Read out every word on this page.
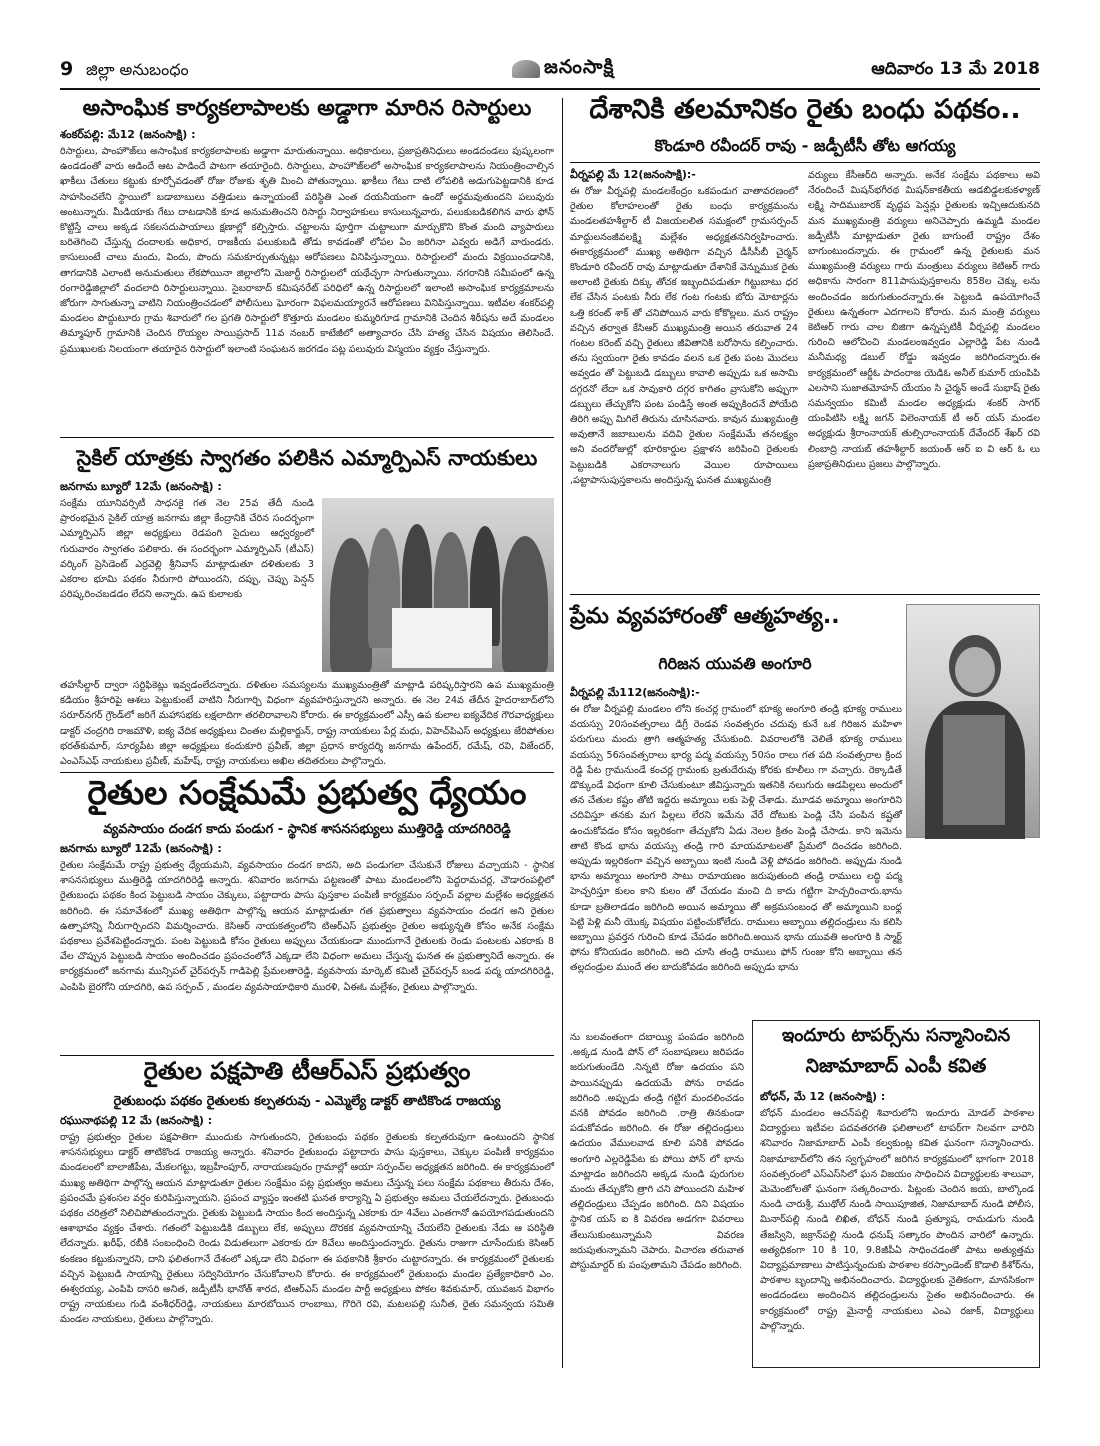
9 జిల్లా అనుబంధం	జనంసాక్షి	ఆదివారం 13 మే 2018
అసాంఘిక కార్యకలాపాలకు అడ్డాగా మారిన రిసార్టులు
శంకర్‌పల్లి: మే12 (జనంసాక్షి) :
రిసార్టులు, పాంహౌజ్‌లు అసాంఘిక కార్యకలాపాలకు అడ్డాగా మారుతున్నాయి. అధికారులు, ప్రజాప్రతినిధులు అండదండలు పుష్కలంగా ఉండడంతో వారు ఆడిందే ఆట పాడిందే పాటగా తయారైంది. రిసార్టులు, పాంహౌజ్‌లలో అసాంఘిక కార్యకలాపాలను నియంత్రించాల్సిన ఖాకీలు చేతులు కట్టుకు కూర్చోవడంతో రోజు రోజుకు శృతి మించి పోతున్నాయి. ఖాకీలు గేటు దాటి లోపలికి అడుగుపెట్టడానికి కూడ సాహసించలేని స్థాయిలో బడాబాబులు వత్తిడులు ఉన్నాయంటే పరిస్థితి ఎంత దయనీయంగా ఉందో అర్థమవుతుందని పలువురు అంటున్నారు. మీడియాకు గేటు దాటడానికి కూడ అనుమతించని రిసార్టు నిర్వాహకులు కాసులున్నవారు, పలుకుబడికలిగిన వారు ఫోన్ కొట్టిస్తే చాలు అక్కడ సకలసదుపాయాలు క్షణాల్లో కల్పిస్తారు. చట్టాలను పూర్తిగా చుట్టాలుగా మార్చుకొని కొంత మంది వ్యాపారులు బరితెగించి చేస్తున్న దందాలకు అధికార, రాజకీయ పలుకుబడి తోడు కావడంతో లోపల ఏం జరిగినా ఎవ్వరు అడిగే వారుండరు. కాసులుంటే చాలు మందు, విందు, పొందు సమకూర్చుతున్నట్లు ఆరోపణలు వినిపిస్తున్నాయి. రిసార్టులలో మందు విక్రయించడానికి, తాగడానికి ఎలాంటి అనుమతులు లేకపోయినా జిల్లాలోని మెజార్టీ రిసార్టులలో యథేచ్ఛగా సాగుతున్నాయి. నగరానికి సమీపంలో ఉన్న రంగారెడ్డిజిల్లాలో వందలాది రిసార్టులున్నాయి. సైబరాబాద్ కమిషనరేట్ పరిధిలో ఉన్న రిసార్టులలో ఇలాంటి అసాంఘిక కార్యక్రమాలను జోరుగా సాగుతున్నా వాటిని నియంత్రించడంలో పోలీసులు ఘోరంగా విఫలమయ్యారనే ఆరోపణలు వినిపిస్తున్నాయి. ఇటీవల శంకర్‌పల్లి మండలం పొద్దుటూరు గ్రామ శివారులో గల ప్రగతి రిసార్టులో కొత్తూరు మండలం కుమ్మరిగూడ గ్రామానికి చెందిన శిరీషను అదే మండలం తిమ్మాపూర్ గ్రామానికి చెందిన రొయ్యల సాయిప్రసాద్ 11వ నంబర్ కాటేజీలో అత్యాచారం చేసి హత్య చేసిన విషయం తెలిసిందే. ప్రముఖులకు నిలయంగా తయారైన రిసార్టులో ఇలాంటి సంఘటన జరగడం పట్ల పలువురు విస్మయం వ్యక్తం చేస్తున్నారు.
సైకిల్ యాత్రకు స్వాగతం పలికిన ఎమ్మార్పిఎస్ నాయకులు
జనగామ బ్యూరో 12మే (జనంసాక్షి) :
సంక్షేమ యూనివర్సిటీ సాధనకై గత నెల 25వ తేదీ నుండి ప్రారంభమైన సైకిల్ యాత్ర జనగామ జిల్లా కేంద్రానికి చేరిన సందర్భంగా ఎమ్మార్పిఎస్ జిల్లా అధ్యక్షులు రెడపంగి సైదులు ఆధ్వర్యంలో గురువారం స్వాగతం పలికారు. ఈ సందర్భంగా ఎమ్మార్పిఎస్ (టీఎస్) వర్కింగ్ ప్రెసిడెంట్ ఎర్రవెల్లి శ్రీనివాస్ మాట్లాడుతూ దళితులకు 3 ఎకరాల భూమి పథకం నీరుగారి పోయిందని, దప్పు, చెప్పు పెన్షన్ పరిష్కరించబడడం లేదని అన్నారు. ఉప కులాలకు
తహసీల్దార్ ద్వారా సర్టిఫికెట్లు ఇవ్వడంలేదన్నారు. దళితుల సమస్యలను ముఖ్యమంత్రితో మాట్లాడి పరిష్కరిస్తారని ఉప ముఖ్యమంత్రి కడియం శ్రీహరిపై ఆశలు పెట్టుకుంటే వాటిని నీరుగార్చి విధంగా వ్యవహరిస్తున్నారని అన్నారు. ఈ నెల 24వ తేదీన హైదరాబాద్‌లోని సరూర్‌నగర్ గ్రౌండ్‌లో జరిగే మహాసభకు లక్షలాదిగా తరలిరావాలని కోరారు. ఈ కార్యక్రమంలో ఎస్సీ ఉప కులాల ఐక్యవేదిక గౌరవాధ్యక్షులు డాక్టర్ చంద్రగిరి రాజమౌళి, ఐక్య వేదిక అధ్యక్షులు చింతల మల్లికార్జున్, రాష్ట్ర నాయకులు పేర్ల మధు, విహెచ్‌పిఎస్ అధ్యక్షులు జేరిపోతుల భరత్‌కుమార్, సూర్యపేట జిల్లా అధ్యక్షులు కందుకూరి ప్రవీణ్, జిల్లా ప్రధాన కార్యదర్శి జనగామ ఉపేందర్, రమేష్, రవి, విజేందర్, ఎంఎస్‌ఎఫ్ నాయకులు ప్రవీణ్, మహేష్, రాష్ట్ర నాయకులు అఖిల తదితరులు పాల్గొన్నారు.
రైతుల సంక్షేమమే ప్రభుత్వ ధ్యేయం
వ్యవసాయం దండగ కాదు పండుగ - స్థానిక శాసనసభ్యులు ముత్తిరెడ్డి యాదగిరిరెడ్డి
జనగామ బ్యూరో 12మే (జనంసాక్షి) :
రైతుల సంక్షేమమే రాష్ట్ర ప్రభుత్వ ధ్యేయమని, వ్యవసాయం దండగ కాదని, అది పండుగలా చేసుకునే రోజులు వచ్చాయని - స్థానిక శాసనసభ్యులు ముత్తిరెడ్డి యాదగిరిరెడ్డి అన్నారు. శనివారం జనగామ పట్టణంతో పాటు మండలంలోని పెద్దరామచర్ల, చౌడారంపల్లిలో రైతుబంధు పథకం కింద పెట్టుబడి సాయం చెక్కులు, పట్టాదారు పాసు పుస్తకాల పంపిణీ కార్యక్రమం సర్పంచ్ వల్లాల మల్లేశం అధ్యక్షతన జరిగింది. ఈ సమావేశంలో ముఖ్య అతిథిగా పాల్గొన్న ఆయన మాట్లాడుతూ గత ప్రభుత్వాలు వ్యవసాయం దండగ అని రైతుల ఉత్సాహాన్ని నీరుగార్చిందని విమర్శించారు. కెసిఆర్ నాయకత్వంలోని టిఆర్ఎస్ ప్రభుత్వం రైతుల అభ్యున్నతి కోసం అనేక సంక్షేమ పథకాలు ప్రవేశపెట్టిందన్నారు. పంట పెట్టుబడి కోసం రైతులు అప్పులు చేయకుండా ముందుగానే రైతులకు రెండు పంటలకు ఎకరాకు 8 వేల చొప్పున పెట్టుబడి సాయం అందించడం ప్రపంచంలోనే ఎక్కడా లేని విధంగా అమలు చేస్తున్న ఘనత ఈ ప్రభుత్వానిదే అన్నారు. ఈ కార్యక్రమంలో జనగామ మున్సిపల్ చైర్‌పర్సన్ గాడిపెల్లి ప్రేమలతారెడ్డి, వ్యవసాయ మార్కెట్ కమిటీ చైర్‌పర్సన్ బండ పద్మ యాదగిరిరెడ్డి, ఎంపిపి బైరగోని యాదగిరి, ఉప సర్పంచ్ , మండల వ్యవసాయాధికారి మురళి, ఏఈఓ మల్లేశం, రైతులు పాల్గొన్నారు.
రైతుల పక్షపాతి టీఆర్ఎస్ ప్రభుత్వం
రైతుబంధు పథకం రైతులకు కల్పతరువు - ఎమ్మెల్యే డాక్టర్ తాటికొండ రాజయ్య
రఘునాథపల్లి 12 మే (జనంసాక్షి) :
రాష్ట్ర ప్రభుత్వం రైతుల పక్షపాతిగా ముందుకు సాగుతుందని, రైతుబంధు పథకం రైతులకు కల్పతరువుగా ఉంటుందని స్థానిక శాసనసభ్యులు డాక్టర్ తాటికొండ రాజయ్య అన్నారు. శనివారం రైతుబంధు పట్టాదారు పాసు పుస్తకాలు, చెక్కుల పంపిణీ కార్యక్రమం మండలంలో బాలాజీపేట, మేకలగట్టు, ఇబ్రహీంపూర్, నారాయణపురం గ్రామాల్లో ఆయా సర్పంచ్‌ల అధ్యక్షతన జరిగింది. ఈ కార్యక్రమంలో ముఖ్య అతిథిగా పాల్గొన్న ఆయన మాట్లాడుతూ రైతుల సంక్షేమం పట్ల ప్రభుత్వం అమలు చేస్తున్న పలు సంక్షేమ పథకాలు తీరును దేశం, ప్రపంచమే ప్రశంసల వర్షం కురిపిస్తున్నాయని. ప్రపంచ వ్యాప్తం ఇంతటి ఘనత కార్యాన్ని ఏ ప్రభుత్వం అమలు చేయలేదన్నారు. రైతుబంధు పథకం చరిత్రలో నిలిచిపోతుందన్నారు. రైతుకు పెట్టుబడి సాయం కింద అందిస్తున్న ఎకరాకు రూ 4వేలు ఎంతగానో ఉపయోగపడుతుందని ఆశాభావం వ్యక్తం చేశారు. గతంలో పెట్టుబడికి డబ్బులు లేక, అప్పులు దొరకక వ్యవసాయాన్ని చేయలేని రైతులకు నేడు ఆ పరిస్థితి లేదన్నారు. ఖరీఫ్, రబీకి సంబంధించి రెండు విడుతలుగా ఎకరాకు రూ 8వేలు అందిస్తుందన్నారు. రైతును రాజుగా చూసేందుకు కెసిఆర్ కంకణం కట్టుకున్నారని, దాని ఫలితంగానే దేశంలో ఎక్కడా లేని విధంగా ఈ పథకానికి శ్రీకారం చుట్టారన్నారు. ఈ కార్యక్రమంలో రైతులకు వచ్చిన పెట్టుబడి సాయాన్ని రైతులు సద్వినియోగం చేసుకోవాలని కోరారు. ఈ కార్యక్రమంలో రైతుబంధు మండల ప్రత్యేకాధికారి ఎం. ఈశ్వరయ్య, ఎంపిపి దాసరి అనిత, జడ్పీటీసీ భానోత్ శారద, టిఆర్ఎస్ మండల పార్టీ అధ్యక్షులు పోకల శివకుమార్, యువజన విభాగం రాష్ట్ర నాయకులు గుడి వంశీధర్‌రెడ్డి, నాయకులు మారబోయిన రాంబాబు, గొరిగె రవి, మటలపల్లి సునీత, రైతు సమన్వయ సమితి మండల నాయకులు, రైతులు పాల్గొన్నారు.
దేశానికి తలమానికం రైతు బంధు పథకం..
కొండూరి రవీందర్ రావు - జడ్పీటీసీ తోట ఆగయ్య
వీర్నపల్లి మే 12(జనంసాక్షి):-
ఈ రోజు వీర్నపల్లి మండలకేంద్రం ఒకపండుగ వాతావరణంలో రైతుల కోలాహలంతో రైతు బంధు కార్యక్రమంను మండలతహశీల్దార్ టీ విజయలలిత సమక్షంలో గ్రామసర్పంచ్ మాద్దులనంజీవలక్ష్మి మల్లేశం అధ్యక్షతననిర్వహించారు. ఈకార్యక్రమంలో ముఖ్య అతిథిగా వచ్చిన డీసీసీబీ చైర్మన్ కొండూరి రవీందర్ రావు మాట్లాడుతూ దేశానికే వెన్నుముక రైతు అలాంటి రైతుకు దిక్కు తోచక ఇబ్బందిపడుతూ గిట్టుబాటు ధర లేక చేసిన పంటకు నీరు లేక గంట గంటకు బోరు మోటార్లను ఒత్తి కరంట్ శాక్ తో చనిపోయిన వారు కోకొల్లలు. మన రాష్ట్రం వచ్చిన తర్వాత కేసిఆర్ ముఖ్యమంత్రి అయిన తరువాత 24 గంటల కరెంట్ వచ్చి రైతులు జీవితానికి బరోసాను కల్పించారు. తను స్వయంగా రైతు కావడం వలన ఒక రైతు పంట మొదలు అవ్వడం తో పెట్టుబడి డబ్బులు కావాలి అప్పుడు ఒక అసామి దగ్గరనో లేదా ఒక సావుకారి దగ్గర కాగితం వ్రాసుకోని అప్పుగా డబ్బులు తేచ్చుకోని పంట పండిస్తే అంత అప్పుకిందనే పోయేది తిరిగి అప్పు మిగిలే తిరును చూసినవారు. కావున ముఖ్యమంత్రి అవుతానే జబాబులను వదివి రైతుల సంక్షేమమే తనలక్ష్యం అని వందరోజుల్లో భూరికార్డుల ప్రక్షాళన జరిపించి రైతులకు పెట్టుబడికి ఎకరానాలుగు వెయిల రూపాయిలు ,పట్టాపాసుపుస్తకాలను అందిస్తున్న ఘనత ముఖ్యమంత్రి
వర్యులు కేసీఆర్‌ది అన్నారు. అనేక సంక్షేమ పథకాలు అవి నేరందించే మిషన్‌భగీరథ మిషన్‌కాకతీయ ఆడబిడ్డలకుకళ్యాణ్ లక్ష్మి సాదిముబారక్ వృద్ధప పెన్షన్లు రైతులకు ఇచ్చిఆదుకునది మన ముఖ్యమంత్రి వర్యులు అనిచెప్పారు ఉమ్మడి మండల జడ్పీటీసీ మాట్లాడుతూ రైతు బాగుంటే రాష్ట్రం దేశం బాగుంటుందన్నారు. ఈ గ్రామంలో ఉన్న రైతులకు మన ముఖ్యమంత్రి వర్యులు గారు మంత్రులు వర్యులు కెటిఆర్ గారు అధికాను సారంగా 811పాసుపుస్తకాలను 858ల చెక్కు లను అందించడం జరుగుతుందన్నారు.ఈ పెట్టబడి ఉపయోగించే రైతులు ఉన్నతంగా ఎదగాలని కోరారు. మన మంత్రి వర్యులు కెటిఆర్ గారు చాల బిజిగా ఉన్నప్పటికీ వీర్నపల్లి మండలం గురించి ఆలోచించి మండలంఇవ్వడం ఎల్లారెడ్డి పేట నుండి మనీమధ్య డబుల్ రోడ్డు ఇవ్వడం జరిగిందన్నారు.ఈ కార్యక్రమంలో ఆర్డీఓ పాదంరాజ యెడిఓ అనీల్ కుమార్ యంపిపి ఎలసాని సుజాతమోహన్ యేయం సి చైర్మన్ అండే సుభాష్ రైతు సమన్వయం కమిటీ మండల అధ్యక్షుడు శంకర్ సాగర్ యంపిటిసి లక్ష్మి జగన్ విలెంనాయక్ టీ అర్ యస్ మండల అధ్యక్షుడు శ్రీరాంనాయక్ తుల్సిరాంనాయక్ దేవేందర్ శేఖర్ రవి లింబాద్రి నాయబ్ తహశీల్దార్ జయంత్ ఆర్ ఐ వి ఆర్ ఓ లు ప్రజాప్రతినిధులు ప్రజలు పాల్గొన్నారు.
ప్రేమ వ్యవహారంతో ఆత్మహత్య..
గిరిజన యువతి అంగూరి
వీర్నపల్లి మే112(జనంసాక్షి):-
ఈ రోజు వీర్నపల్లి మండలం లోని కంచర్ల గ్రామంలో భూక్య అంగూరి తండ్రి భూక్య రాములు వయస్సు 20సంవత్సరాలు డిగ్రీ రెండవ సంవత్సరం చదువు కునే ఒక గిరిజన మహిళా పరుగులు మందు త్రాగి ఆత్మహత్య చేసుకుంది. వివరాలలోకి వెలితే భూక్య రాములు వయస్సు 56సంవత్సరాలు భార్య పద్మ వయస్సు 50సం రాలు గత పది సంవత్సరాల క్రింద రెడ్డి పేట గ్రామనుండే కంచర్ల గ్రామంకు బ్రతుదేరువు కోరకు కూలీలు గా వచ్చారు. రెక్కాడితే డొక్కుండే విధంగా కూలి చేసుకుంటూ జీవిస్తున్నారు ఇతనికి నలుగురు ఆడపిల్లలు అందులో తన చేతుల కష్టం తోటి ఇద్దరు అమ్మాయి లకు పెళ్లి చేశాడు. మూడవ అమ్మాయి అంగూరిని చదివిస్తూ తనకు మగ పిల్లలు లేరని ఇమేను వేరే దోటుకు పెండ్లి చేసి పంపిన కష్టతో ఉంచుకోవడం కోసం ఇల్లరికంగా తేచ్చుకోని ఏడు నెలల క్రితం పెండ్లి చేసాడు. కాని ఇమెను తాటి కొండ భాను వయస్సు తండ్రి గారి మాయమాటలతో ప్రేమలో దించడం జరిగింది. అప్పుడు ఇల్లరికంగా వచ్చిన అబ్బాయి ఇంటి నుండి వెళ్లి పోవడం జరిగింది. అప్పుడు నుండి భాను అమ్మాయి అంగూరి సాటు రామాయణం జరుపుతుంది తండ్రి రాములు లద్ధి పద్మ హెచ్చరిస్తూ కులం కాని కులం తో చేయడం మంచి ది కాదు గట్టిగా హెచ్చరించారు.భాను కూడా బ్రతిలాడడం జరిగింది అయిన అమ్మాయి తో అక్రమసంబంధ తో అమ్మాయిని బంధ్ల పెట్టి పెళ్లి మనీ యొక్క విషయం పట్టించుకోలేదు. రాములు అబ్బాయి తల్లిదండ్రులు ను కలిసి అబ్బాయి ప్రవర్తన గురించి కూడ చేపడం జరిగింది.అయిన భాను యువతి అంగూరి కి స్మార్ట్ ఫోను కోనియడం జరిగింది. అది చూసి తండ్రి రాములు ఫోన్ గుంజు కోని అబ్బాయి తన తల్లదండ్రుల ముందే తల బాదుకోవడం జరిగింది అప్పుడు భాను
ను బలవంతంగా దబాయ్యి పంపడం జరిగింది .అక్కడ నుండి పోన్ లో సంబాషణలు జరిపడం జరుగుతుండేది .నిన్నటి రోజు ఉదయం పని పాయినప్పుడు ఉదయమే పోను రావడం జరిగింది .అప్పుడు తండ్రి గట్టిగ మందలించడం వనకి పోవడం జరిగింది .రాత్రి తినకుండా పడుకోవడం జరిగింది. ఈ రోజు తల్లిదండ్రులు ఉదయం వేములవాడ కూలి పనికి పోవడం అంగూరి ఎల్లరెడ్డిపేట కు పోయి పోన్ లో భాను మాట్లాడం జరిగిందని అక్కడ నుండి పురుగుల మందు తేచ్చుకోని త్రాగి చని పోయిందని మహిళ తల్లిదండ్రులు చేప్పడం జరిగింది. దిని విషయం స్థానిక యస్ ఐ కి వివరణ అడగగా వివరాలు తేలుసుకుంటున్నామని వివరణ జరుపుతున్నామని చెపారు. విచారణ తరువాత పోస్టుమార్టర్ కు పంపుతామని చేపడం జరిగింది.
ఇందూరు టాపర్స్‌ను సన్మానించిన
నిజామాబాద్ ఎంపీ కవిత
బోధన్, మే 12 (జనంసాక్షి) :
బోధన్ మండలం ఆచన్‌పల్లి శివారులోని ఇందూరు మోడల్ పాఠశాల విద్యార్థులు ఇటీవల పదవతరగతి ఫలితాలలో టాపర్‌గా నిలవగా వారిని శనివారం నిజామాబాద్ ఎంపీ కల్వకుంట్ల కవిత ఘనంగా సన్మానించారు. నిజామాబాద్‌లోని తన స్వగృహంలో జరిగిన కార్యక్రమంలో భాగంగా 2018 సంవత్సరంలో ఎస్‌ఎస్‌సిలో ఘన విజయం సాధించిన విద్యార్థులకు శాలువా, మెమెంటోలతో ఘనంగా సత్కరించారు. పిట్లంకు చెందిన జయ, బాల్కొండ నుండి చారుశ్రీ, ముథోల్ నుండి సాయిపూజిత, నిజామాబాద్ నుండి పోలీస, మినార్‌పల్లి నుండి లిఖిత, బోధన్ నుండి ప్రత్యూష, రామడుగు నుండి తేజస్విని, జక్రాన్‌పల్లి నుండి ధనుష్ సత్కారం పొందిన వారిలో ఉన్నారు. అత్యధికంగా 10 కి 10, 9.8జీపీఏ సాధించడంతో పాటు అత్యుత్తమ విద్యాప్రమాణాలు పాటిస్తున్నందుకు పాఠశాల కరస్పాండెంట్ కొడాలి కిశోర్‌ను, పాఠశాల బృందాన్ని అభినందించారు. విద్యార్థులకు నైతికంగా, మానసికంగా అండదండలు అందించిన తల్లిదండ్రులను సైతం అభినందించారు. ఈ కార్యక్రమంలో రాష్ట్ర మైనార్టీ నాయకులు ఎంఎ రజాక్, విద్యార్థులు పాల్గొన్నారు.
